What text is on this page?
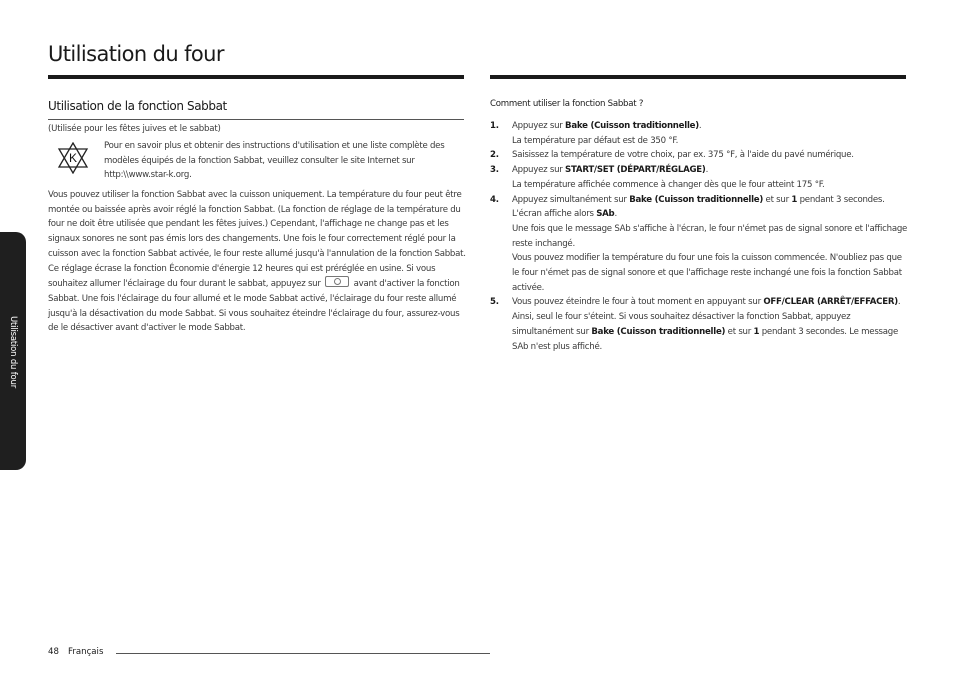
Utilisation du four
Utilisation du four
Utilisation de la fonction Sabbat
(Utilisée pour les fêtes juives et le sabbat)
K

Pour en savoir plus et obtenir des instructions d'utilisation et une liste complète des modèles équipés de la fonction Sabbat, veuillez consulter le site Internet sur http:\\www.star-k.org.

Vous pouvez utiliser la fonction Sabbat avec la cuisson uniquement. La température du four peut être montée ou baissée après avoir réglé la fonction Sabbat. (La fonction de réglage de la température du four ne doit être utilisée que pendant les fêtes juives.) Cependant, l'affichage ne change pas et les signaux sonores ne sont pas émis lors des changements. Une fois le four correctement réglé pour la cuisson avec la fonction Sabbat activée, le four reste allumé jusqu'à l'annulation de la fonction Sabbat. Ce réglage écrase la fonction Économie d'énergie 12 heures qui est préréglée en usine. Si vous souhaitez allumer l'éclairage du four durant le sabbat, appuyez sur	avant d'activer la fonction Sabbat. Une fois l'éclairage du four allumé et le mode Sabbat activé, l'éclairage du four reste allumé jusqu'à la désactivation du mode Sabbat. Si vous souhaitez éteindre l'éclairage du four, assurez-vous de le désactiver avant d'activer le mode Sabbat.

Comment utiliser la fonction Sabbat ?

1. Appuyez sur Bake (Cuisson traditionnelle).
La température par défaut est de 350 °F.
2. Saisissez la température de votre choix, par ex. 375 °F, à l'aide du pavé numérique.
3. Appuyez sur START/SET (DÉPART/RÉGLAGE).
La température affichée commence à changer dès que le four atteint 175 °F.
4. Appuyez simultanément sur Bake (Cuisson traditionnelle) et sur 1 pendant 3 secondes.
L'écran affiche alors SAb.
Une fois que le message SAb s'affiche à l'écran, le four n'émet pas de signal sonore et l'affichage reste inchangé.
Vous pouvez modifier la température du four une fois la cuisson commencée. N'oubliez pas que le four n'émet pas de signal sonore et que l'affichage reste inchangé une fois la fonction Sabbat activée.
5. Vous pouvez éteindre le four à tout moment en appuyant sur OFF/CLEAR (ARRÊT/EFFACER).
Ainsi, seul le four s'éteint. Si vous souhaitez désactiver la fonction Sabbat, appuyez simultanément sur Bake (Cuisson traditionnelle) et sur 1 pendant 3 secondes. Le message SAb n'est plus affiché.
48 Français
